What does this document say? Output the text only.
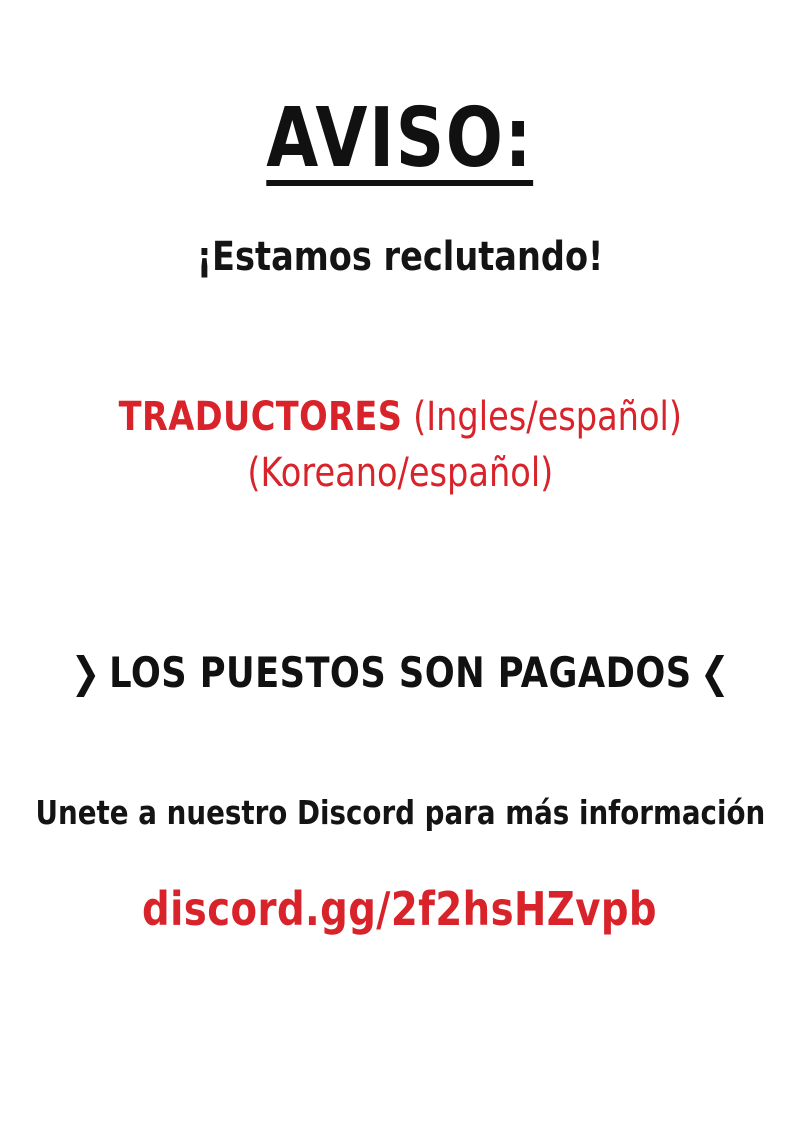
AVISO:
¡Estamos reclutando!
TRADUCTORES (Ingles/español)
(Koreano/español)
❯ LOS PUESTOS SON PAGADOS ❮
Unete a nuestro Discord para más información
discord.gg/2f2hsHZvpb
